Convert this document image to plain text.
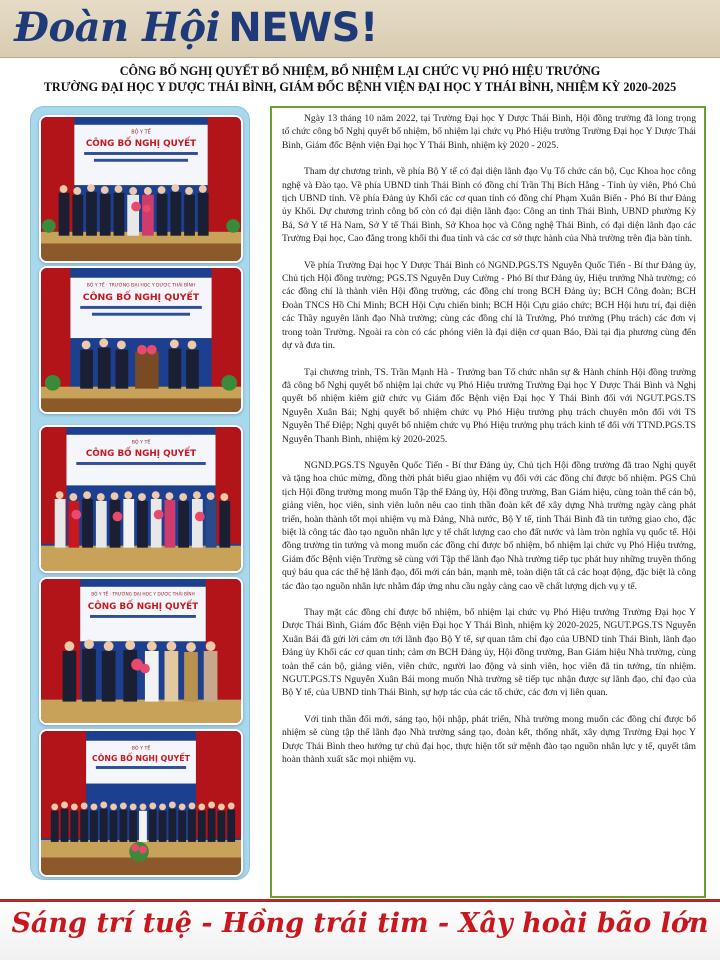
Đoàn Hội NEWS!
CÔNG BỐ NGHỊ QUYẾT BỔ NHIỆM, BỔ NHIỆM LẠI CHỨC VỤ PHÓ HIỆU TRƯỞNG
TRƯỜNG ĐẠI HỌC Y DƯỢC THÁI BÌNH, GIÁM ĐỐC BỆNH VIỆN ĐẠI HỌC Y THÁI BÌNH, NHIỆM KỲ 2020-2025
BỘ Y TẾ
CÔNG BỐ NGHỊ QUYẾT
BỘ Y TẾ · TRƯỜNG ĐẠI HỌC Y DƯỢC THÁI BÌNH
CÔNG BỐ NGHỊ QUYẾT
BỘ Y TẾ
CÔNG BỐ NGHỊ QUYẾT
BỘ Y TẾ · TRƯỜNG ĐẠI HỌC Y DƯỢC THÁI BÌNH
CÔNG BỐ NGHỊ QUYẾT
BỘ Y TẾ
CÔNG BỐ NGHỊ QUYẾT

Ngày 13 tháng 10 năm 2022, tại Trường Đại học Y Dược Thái Bình, Hội đồng trường đã long trọng tổ chức công bố Nghị quyết bổ nhiệm, bổ nhiệm lại chức vụ Phó Hiệu trưởng Trường Đại học Y Dược Thái Bình, Giám đốc Bệnh viện Đại học Y Thái Bình, nhiệm kỳ 2020 - 2025.

Tham dự chương trình, về phía Bộ Y tế có đại diện lãnh đạo Vụ Tổ chức cán bộ, Cục Khoa học công nghệ và Đào tạo. Về phía UBND tỉnh Thái Bình có đồng chí Trần Thị Bích Hằng - Tỉnh ủy viên, Phó Chủ tịch UBND tỉnh. Về phía Đảng ủy Khối các cơ quan tỉnh có đồng chí Phạm Xuân Biển - Phó Bí thư Đảng ủy Khối. Dự chương trình công bố còn có đại diện lãnh đạo: Công an tỉnh Thái Bình, UBND phường Kỳ Bá, Sở Y tế Hà Nam, Sở Y tế Thái Bình, Sở Khoa học và Công nghệ Thái Bình, có đại diện lãnh đạo các Trường Đại học, Cao đẳng trong khối thi đua tỉnh và các cơ sở thực hành của Nhà trường trên địa bàn tỉnh.

Về phía Trường Đại học Y Dược Thái Bình có NGND.PGS.TS Nguyễn Quốc Tiến - Bí thư Đảng ủy, Chủ tịch Hội đồng trường; PGS.TS Nguyễn Duy Cường - Phó Bí thư Đảng ủy, Hiệu trưởng Nhà trường; có các đồng chí là thành viên Hội đồng trường, các đồng chí trong BCH Đảng ủy; BCH Công đoàn; BCH Đoàn TNCS Hồ Chí Minh; BCH Hội Cựu chiến binh; BCH Hội Cựu giáo chức; BCH Hội hưu trí, đại diện các Thầy nguyên lãnh đạo Nhà trường; cùng các đồng chí là Trưởng, Phó trưởng (Phụ trách) các đơn vị trong toàn Trường. Ngoài ra còn có các phóng viên là đại diện cơ quan Báo, Đài tại địa phương cùng đến dự và đưa tin.

Tại chương trình, TS. Trần Mạnh Hà - Trưởng ban Tổ chức nhân sự & Hành chính Hội đồng trường đã công bố Nghị quyết bổ nhiệm lại chức vụ Phó Hiệu trưởng Trường Đại học Y Dược Thái Bình và Nghị quyết bổ nhiệm kiêm giữ chức vụ Giám đốc Bệnh viện Đại học Y Thái Bình đối với NGUT.PGS.TS Nguyễn Xuân Bái; Nghị quyết bổ nhiệm chức vụ Phó Hiệu trưởng phụ trách chuyên môn đối với TS Nguyễn Thế Điệp; Nghị quyết bổ nhiệm chức vụ Phó Hiệu trưởng phụ trách kinh tế đối với TTND.PGS.TS Nguyễn Thanh Bình, nhiệm kỳ 2020-2025.

NGND.PGS.TS Nguyễn Quốc Tiến - Bí thư Đảng ủy, Chủ tịch Hội đồng trường đã trao Nghị quyết và tặng hoa chúc mừng, đồng thời phát biểu giao nhiệm vụ đối với các đồng chí được bổ nhiệm. PGS Chủ tịch Hội đồng trường mong muốn Tập thể Đảng ủy, Hội đồng trường, Ban Giám hiệu, cùng toàn thể cán bộ, giảng viên, học viên, sinh viên luôn nêu cao tinh thần đoàn kết để xây dựng Nhà trường ngày càng phát triển, hoàn thành tốt mọi nhiệm vụ mà Đảng, Nhà nước, Bộ Y tế, tỉnh Thái Bình đã tin tưởng giao cho, đặc biệt là công tác đào tạo nguồn nhân lực y tế chất lượng cao cho đất nước và làm tròn nghĩa vụ quốc tế. Hội đồng trường tin tưởng và mong muốn các đồng chí được bổ nhiệm, bổ nhiệm lại chức vụ Phó Hiệu trưởng, Giám đốc Bệnh viện Trường sẽ cùng với Tập thể lãnh đạo Nhà trường tiếp tục phát huy những truyền thống quý báu qua các thế hệ lãnh đạo, đổi mới cán bản, mạnh mẽ, toàn diện tất cả các hoạt động, đặc biệt là công tác đào tạo nguồn nhân lực nhằm đáp ứng nhu cầu ngày càng cao về chất lượng dịch vụ y tế.

Thay mặt các đồng chí được bổ nhiệm, bổ nhiệm lại chức vụ Phó Hiệu trưởng Trường Đại học Y Dược Thái Bình, Giám đốc Bệnh viện Đại học Y Thái Bình, nhiệm kỳ 2020-2025, NGUT.PGS.TS Nguyễn Xuân Bái đã gửi lời cảm ơn tới lãnh đạo Bộ Y tế, sự quan tâm chỉ đạo của UBND tỉnh Thái Bình, lãnh đạo Đảng ủy Khối các cơ quan tỉnh; cảm ơn BCH Đảng ủy, Hội đồng trường, Ban Giám hiệu Nhà trường, cùng toàn thể cán bộ, giảng viên, viên chức, người lao động và sinh viên, học viên đã tin tưởng, tín nhiệm. NGUT.PGS.TS Nguyễn Xuân Bái mong muốn Nhà trường sẽ tiếp tục nhận được sự lãnh đạo, chỉ đạo của Bộ Y tế, của UBND tỉnh Thái Bình, sự hợp tác của các tổ chức, các đơn vị liên quan.

Với tinh thần đổi mới, sáng tạo, hội nhập, phát triển, Nhà trường mong muốn các đồng chí được bổ nhiệm sẽ cùng tập thể lãnh đạo Nhà trường sáng tạo, đoàn kết, thống nhất, xây dựng Trường Đại học Y Dược Thái Bình theo hướng tự chủ đại học, thực hiện tốt sứ mệnh đào tạo nguồn nhân lực y tế, quyết tâm hoàn thành xuất sắc mọi nhiệm vụ.

Sáng trí tuệ - Hồng trái tim - Xây hoài bão lớn
